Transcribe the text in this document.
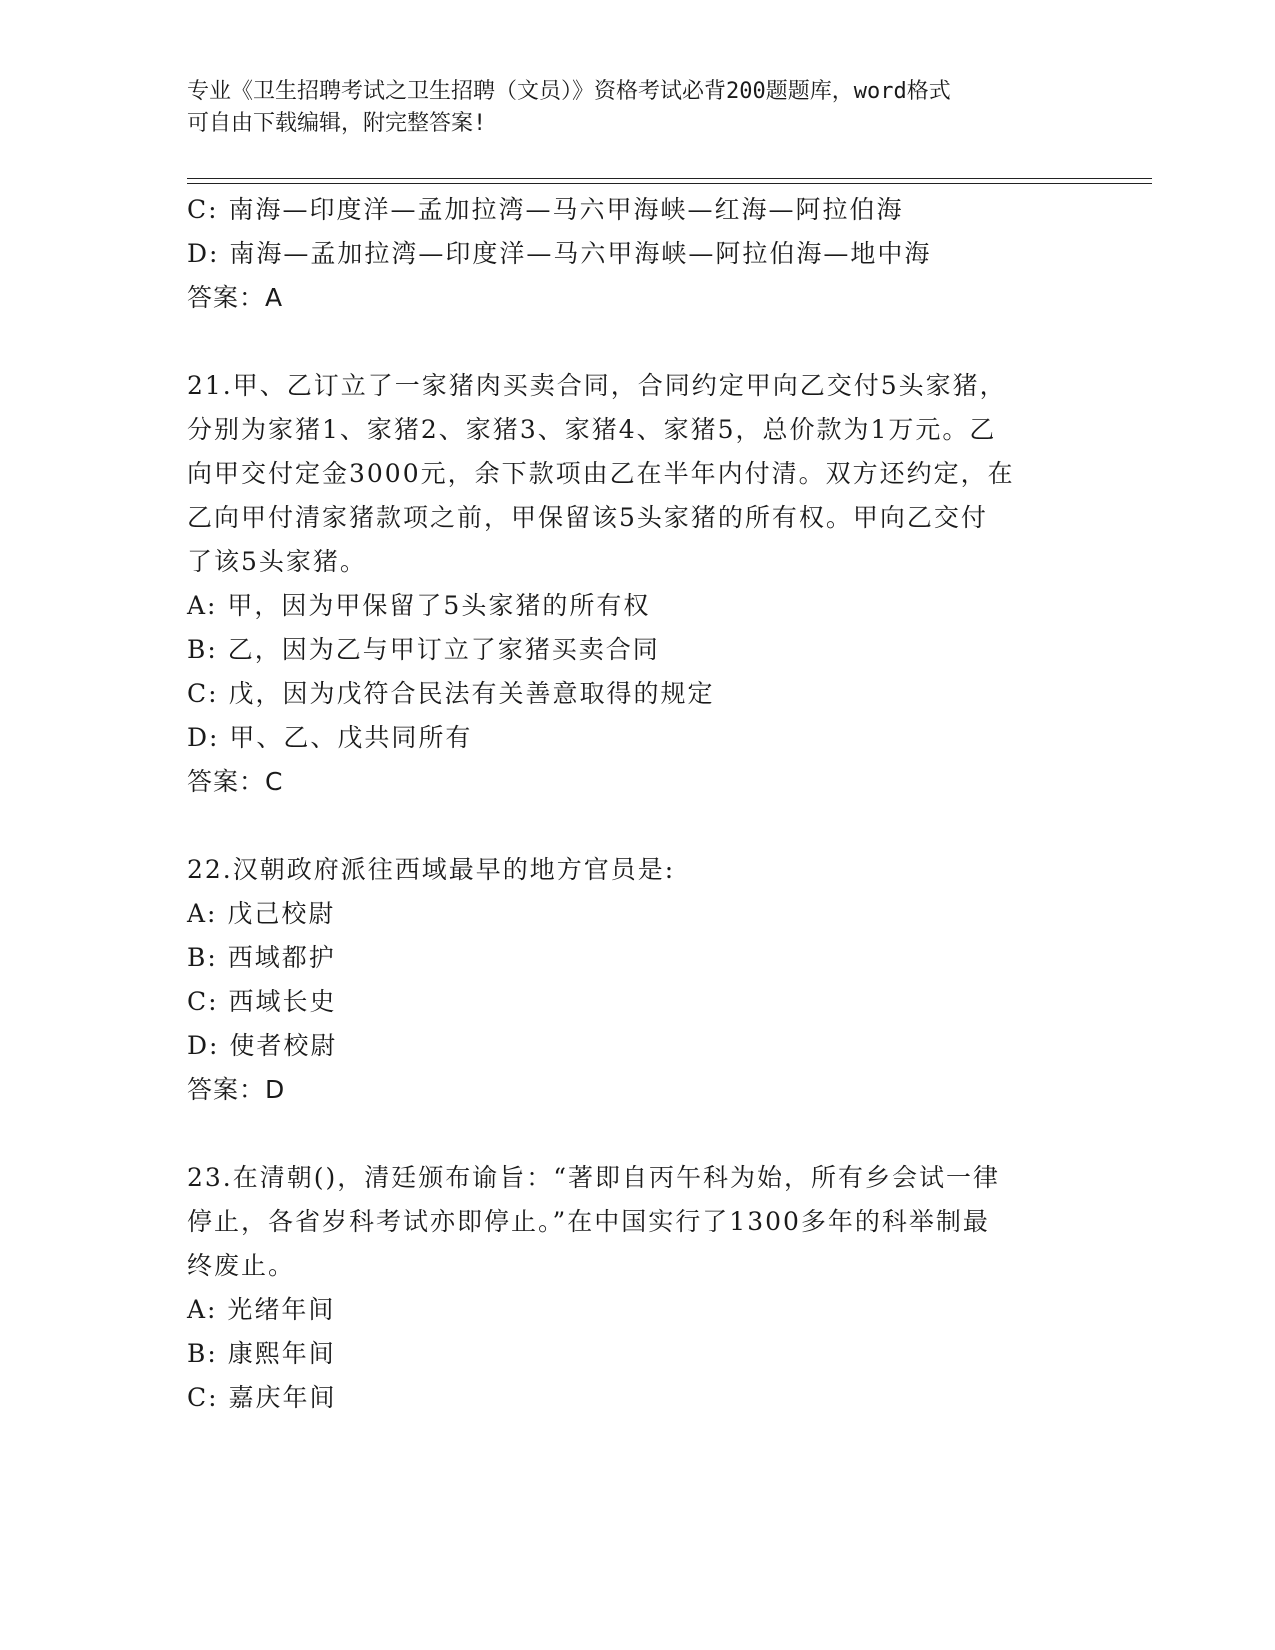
专业《卫生招聘考试之卫生招聘（文员）》资格考试必背200题题库，word格式
可自由下载编辑，附完整答案!
C: 南海—印度洋—孟加拉湾—马六甲海峡—红海—阿拉伯海
D: 南海—孟加拉湾—印度洋—马六甲海峡—阿拉伯海—地中海
答案：A
21.甲、乙订立了一家猪肉买卖合同，合同约定甲向乙交付5头家猪，
分别为家猪1、家猪2、家猪3、家猪4、家猪5，总价款为1万元。乙
向甲交付定金3000元，余下款项由乙在半年内付清。双方还约定，在
乙向甲付清家猪款项之前，甲保留该5头家猪的所有权。甲向乙交付
了该5头家猪。
A: 甲，因为甲保留了5头家猪的所有权
B: 乙，因为乙与甲订立了家猪买卖合同
C: 戊，因为戊符合民法有关善意取得的规定
D: 甲、乙、戊共同所有
答案：C
22.汉朝政府派往西域最早的地方官员是:
A: 戊己校尉
B: 西域都护
C: 西域长史
D: 使者校尉
答案：D
23.在清朝()，清廷颁布谕旨：“著即自丙午科为始，所有乡会试一律
停止，各省岁科考试亦即停止。”在中国实行了1300多年的科举制最
终废止。
A: 光绪年间
B: 康熙年间
C: 嘉庆年间
